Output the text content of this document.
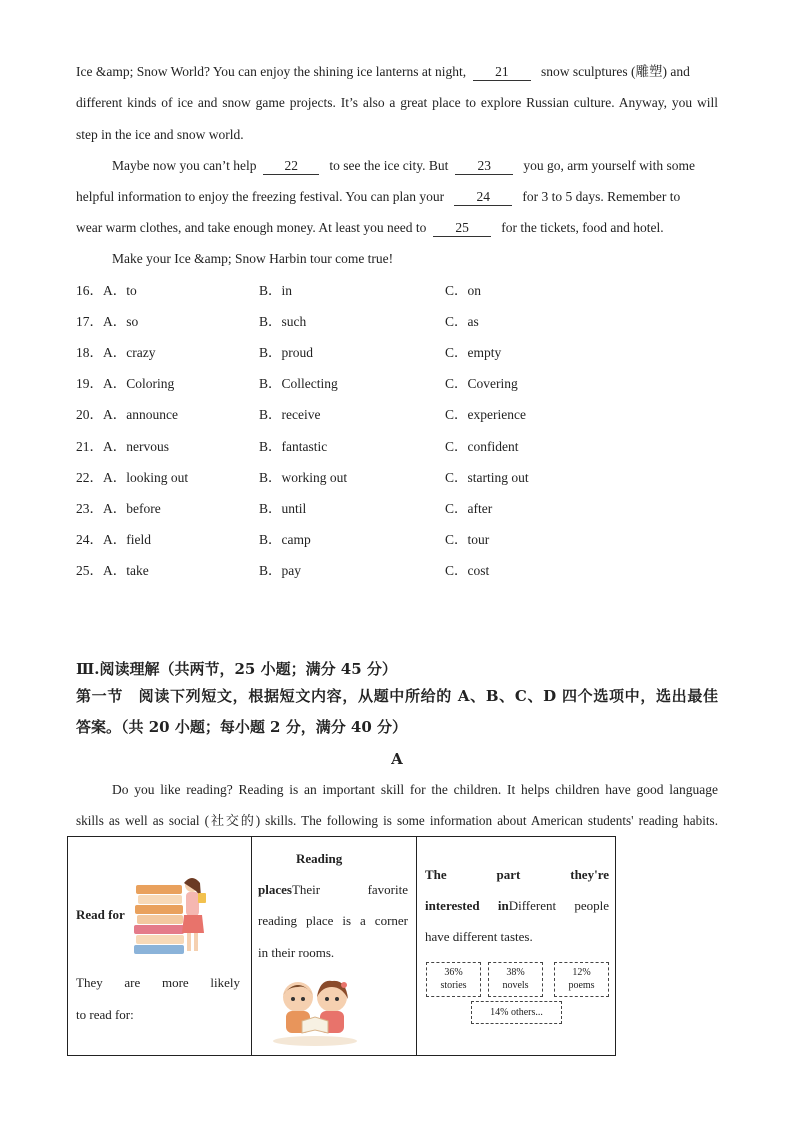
Ice &amp; Snow World? You can enjoy the shining ice lanterns at night, 21 snow sculptures (雕塑) and
different kinds of ice and snow game projects. It’s also a great place to explore Russian culture. Anyway, you will
step in the ice and snow world.
Maybe now you can’t help 22 to see the ice city. But 23 you go, arm yourself with some
helpful information to enjoy the freezing festival. You can plan your 24 for 3 to 5 days. Remember to
wear warm clothes, and take enough money. At least you need to 25 for the tickets, food and hotel.
Make your Ice &amp; Snow Harbin tour come true!
16．A．to	B．in	C．on
17．A．so	B．such	C．as
18．A．crazy	B．proud	C．empty
19．A．Coloring	B．Collecting	C．Covering
20．A．announce	B．receive	C．experience
21．A．nervous	B．fantastic	C．confident
22．A．looking out	B．working out	C．starting out
23．A．before	B．until	C．after
24．A．field	B．camp	C．tour
25．A．take	B．pay	C．cost
Ⅲ.阅读理解（共两节，25 小题；满分 45 分）
第一节　阅读下列短文，根据短文内容，从题中所给的 A、B、C、D 四个选项中，选出最佳
答案。（共 20 小题；每小题 2 分，满分 40 分）
A
Do you like reading? Reading is an important skill for the children. It helps children have good language
skills as well as social (社交的) skills. The following is some information about American students' reading habits.
Read for
They are more likely
to read for:
Reading
placesTheir favorite
reading place is a corner
in their rooms.
The part they're
interested inDifferent people
have different tastes.
36%
stories
38%
novels
12%
poems
14% others...
